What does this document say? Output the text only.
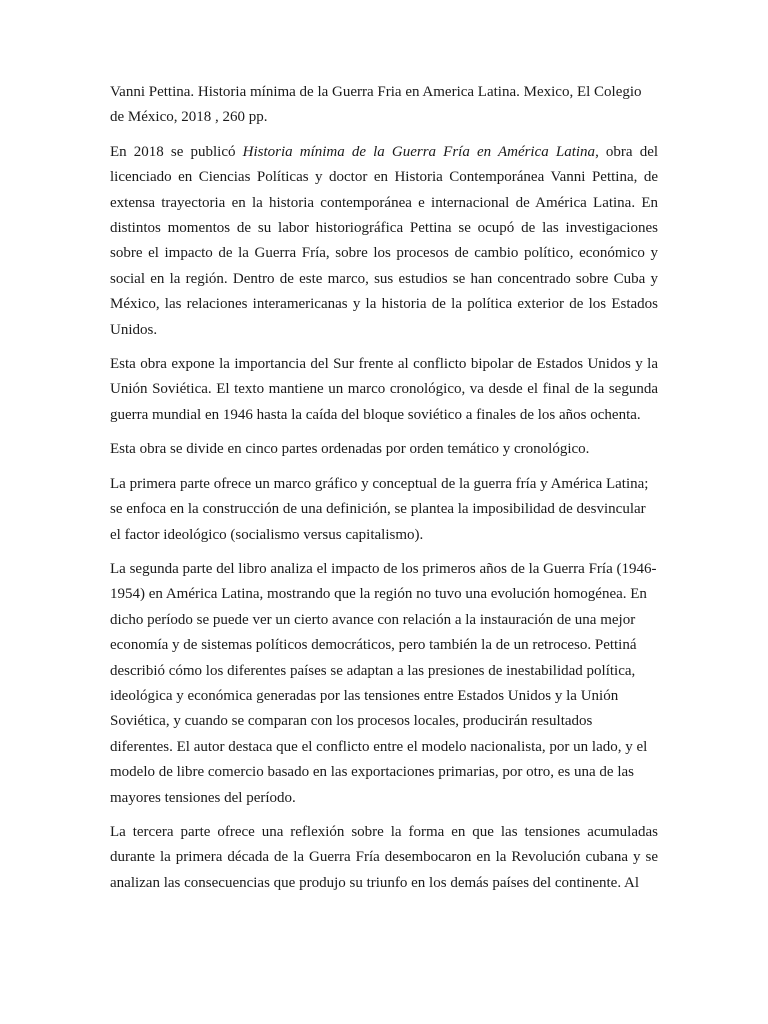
Vanni Pettina. Historia mínima de la Guerra Fria en America Latina. Mexico, El Colegio de México, 2018 , 260 pp.

En 2018 se publicó Historia mínima de la Guerra Fría en América Latina, obra del licenciado en Ciencias Políticas y doctor en Historia Contemporánea Vanni Pettina, de extensa trayectoria en la historia contemporánea e internacional de América Latina. En distintos momentos de su labor historiográfica Pettina se ocupó de las investigaciones sobre el impacto de la Guerra Fría, sobre los procesos de cambio político, económico y social en la región. Dentro de este marco, sus estudios se han concentrado sobre Cuba y México, las relaciones interamericanas y la historia de la política exterior de los Estados Unidos.

Esta obra expone la importancia del Sur frente al conflicto bipolar de Estados Unidos y la Unión Soviética. El texto mantiene un marco cronológico, va desde el final de la segunda guerra mundial en 1946 hasta la caída del bloque soviético a finales de los años ochenta.

Esta obra se divide en cinco partes ordenadas por orden temático y cronológico.

La primera parte ofrece un marco gráfico y conceptual de la guerra fría y América Latina; se enfoca en la construcción de una definición, se plantea la imposibilidad de desvincular el factor ideológico (socialismo versus capitalismo).

La segunda parte del libro analiza el impacto de los primeros años de la Guerra Fría (1946-1954) en América Latina, mostrando que la región no tuvo una evolución homogénea. En dicho período se puede ver un cierto avance con relación a la instauración de una mejor economía y de sistemas políticos democráticos, pero también la de un retroceso. Pettiná describió cómo los diferentes países se adaptan a las presiones de inestabilidad política, ideológica y económica generadas por las tensiones entre Estados Unidos y la Unión Soviética, y cuando se comparan con los procesos locales, producirán resultados diferentes. El autor destaca que el conflicto entre el modelo nacionalista, por un lado, y el modelo de libre comercio basado en las exportaciones primarias, por otro, es una de las mayores tensiones del período.

La tercera parte ofrece una reflexión sobre la forma en que las tensiones acumuladas durante la primera década de la Guerra Fría desembocaron en la Revolución cubana y se analizan las consecuencias que produjo su triunfo en los demás países del continente. Al
